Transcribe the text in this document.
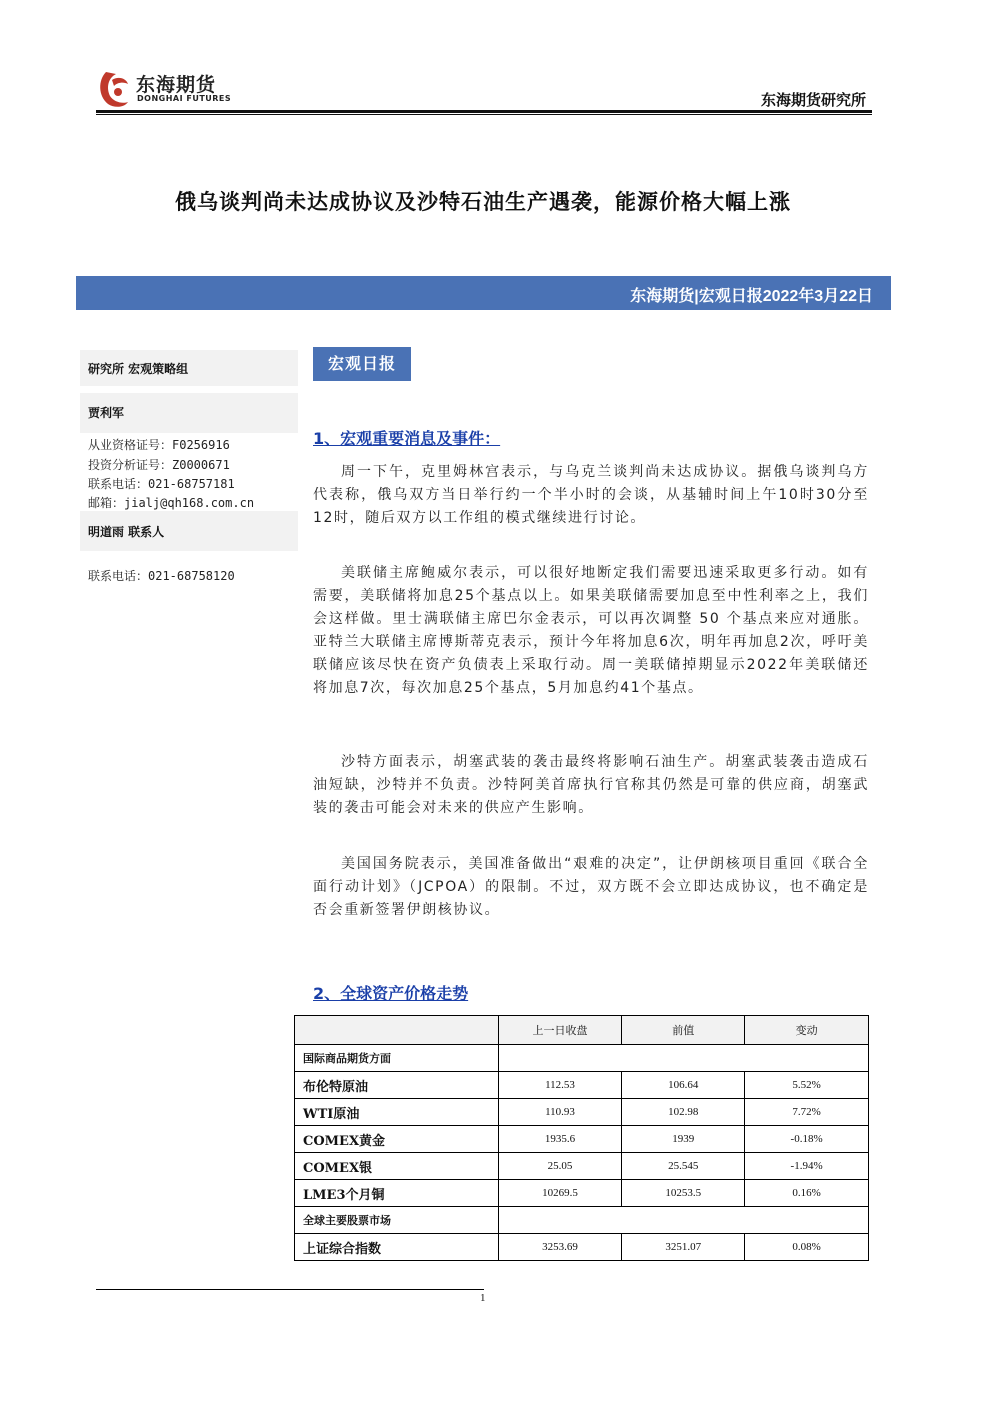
东海期货
DONGHAI FUTURES	东海期货研究所
俄乌谈判尚未达成协议及沙特石油生产遇袭，能源价格大幅上涨
东海期货|宏观日报2022年3月22日
研究所 宏观策略组
贾利军
从业资格证号：F0256916
投资分析证号：Z0000671
联系电话：021-68757181
邮箱：jialj@qh168.com.cn
明道雨 联系人
联系电话：021-68758120
宏观日报
1、宏观重要消息及事件：

周一下午，克里姆林宫表示，与乌克兰谈判尚未达成协议。据俄乌谈判乌方代表称，俄乌双方当日举行约一个半小时的会谈，从基辅时间上午10时30分至12时，随后双方以工作组的模式继续进行讨论。

美联储主席鲍威尔表示，可以很好地断定我们需要迅速采取更多行动。如有需要，美联储将加息25个基点以上。如果美联储需要加息至中性利率之上，我们会这样做。里士满联储主席巴尔金表示，可以再次调整 50 个基点来应对通胀。亚特兰大联储主席博斯蒂克表示，预计今年将加息6次，明年再加息2次，呼吁美联储应该尽快在资产负债表上采取行动。周一美联储掉期显示2022年美联储还将加息7次，每次加息25个基点，5月加息约41个基点。

沙特方面表示，胡塞武装的袭击最终将影响石油生产。胡塞武装袭击造成石油短缺，沙特并不负责。沙特阿美首席执行官称其仍然是可靠的供应商，胡塞武装的袭击可能会对未来的供应产生影响。

美国国务院表示，美国准备做出“艰难的决定”，让伊朗核项目重回《联合全面行动计划》（JCPOA）的限制。不过，双方既不会立即达成协议，也不确定是否会重新签署伊朗核协议。

2、全球资产价格走势
	上一日收盘	前值	变动
国际商品期货方面			
布伦特原油	112.53	106.64	5.52%
WTI原油	110.93	102.98	7.72%
COMEX黄金	1935.6	1939	-0.18%
COMEX银	25.05	25.545	-1.94%
LME3个月铜	10269.5	10253.5	0.16%
全球主要股票市场			
上证综合指数	3253.69	3251.07	0.08%
1
